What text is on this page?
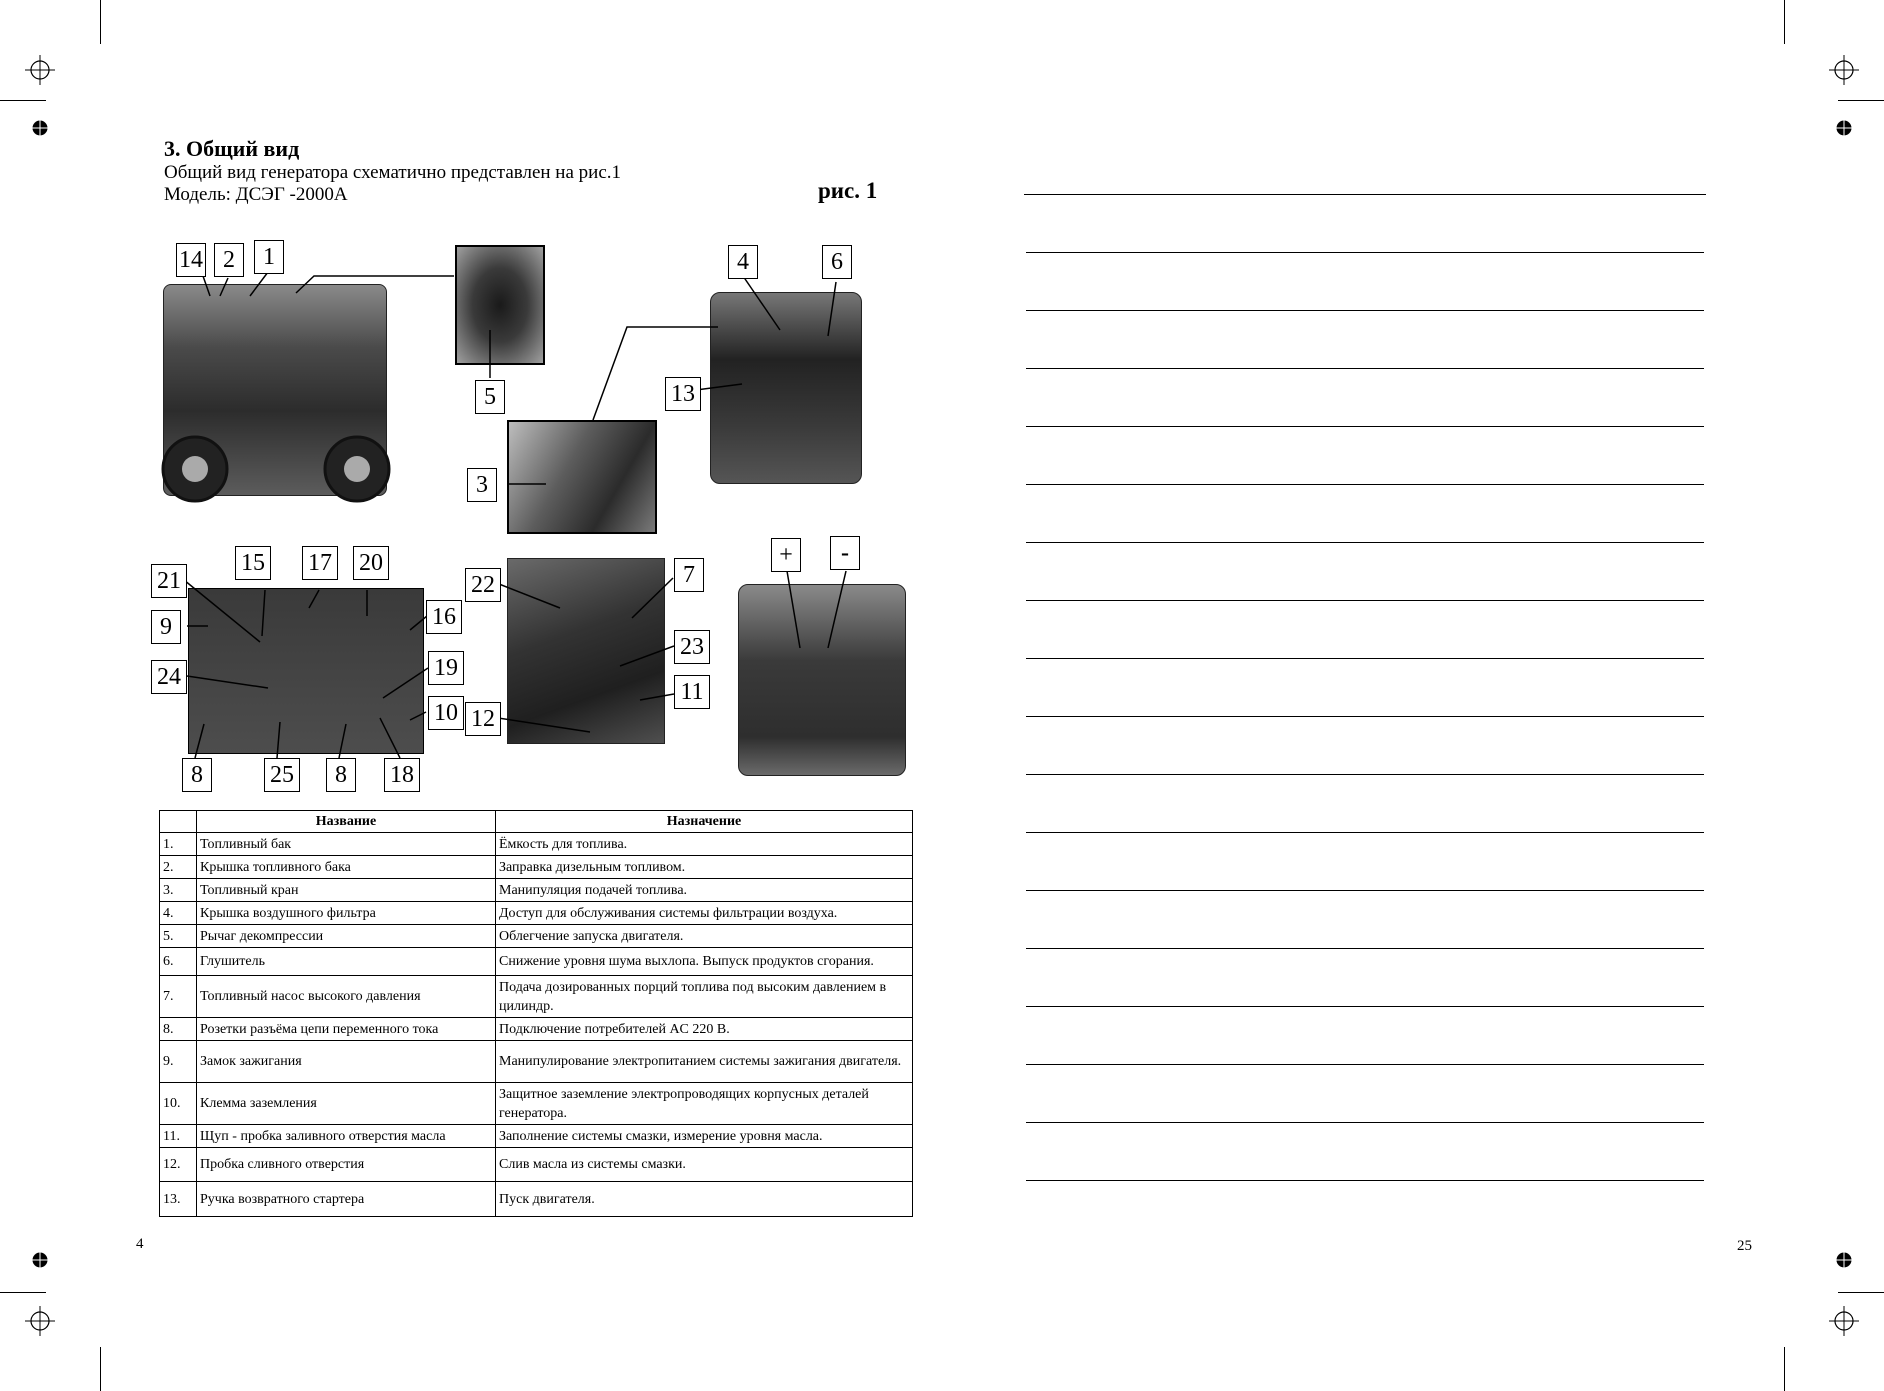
3. Общий вид
Общий вид генератора схематично представлен на рис.1
Модель: ДСЭГ -2000А	рис. 1
14 2	1
5
4	6
13
3
15 17 20
21
9	16
24	19
10
8	25	8	18
22	7
23
11
12
+	-
	Название	Назначение
1.	Топливный бак	Ёмкость для топлива.
2.	Крышка топливного бака	Заправка дизельным топливом.
3.	Топливный кран	Манипуляция подачей топлива.
4.	Крышка воздушного фильтра	Доступ для обслуживания системы фильтрации воздуха.
5.	Рычаг декомпрессии	Облегчение запуска двигателя.
6.	Глушитель	Снижение уровня шума выхлопа. Выпуск продуктов сгорания.
7.	Топливный насос высокого давления	Подача дозированных порций топлива под высоким давлением в цилиндр.
8.	Розетки разъёма цепи переменного тока	Подключение потребителей AC 220 B.
9.	Замок зажигания	Манипулирование электропитанием системы зажигания двигателя.
10.	Клемма заземления	Защитное заземление электропроводящих корпусных деталей генератора.
11.	Щуп - пробка заливного отверстия масла	Заполнение системы смазки, измерение уровня масла.
12.	Пробка сливного отверстия	Слив масла из системы смазки.
13.	Ручка возвратного стартера	Пуск двигателя.
4	25
